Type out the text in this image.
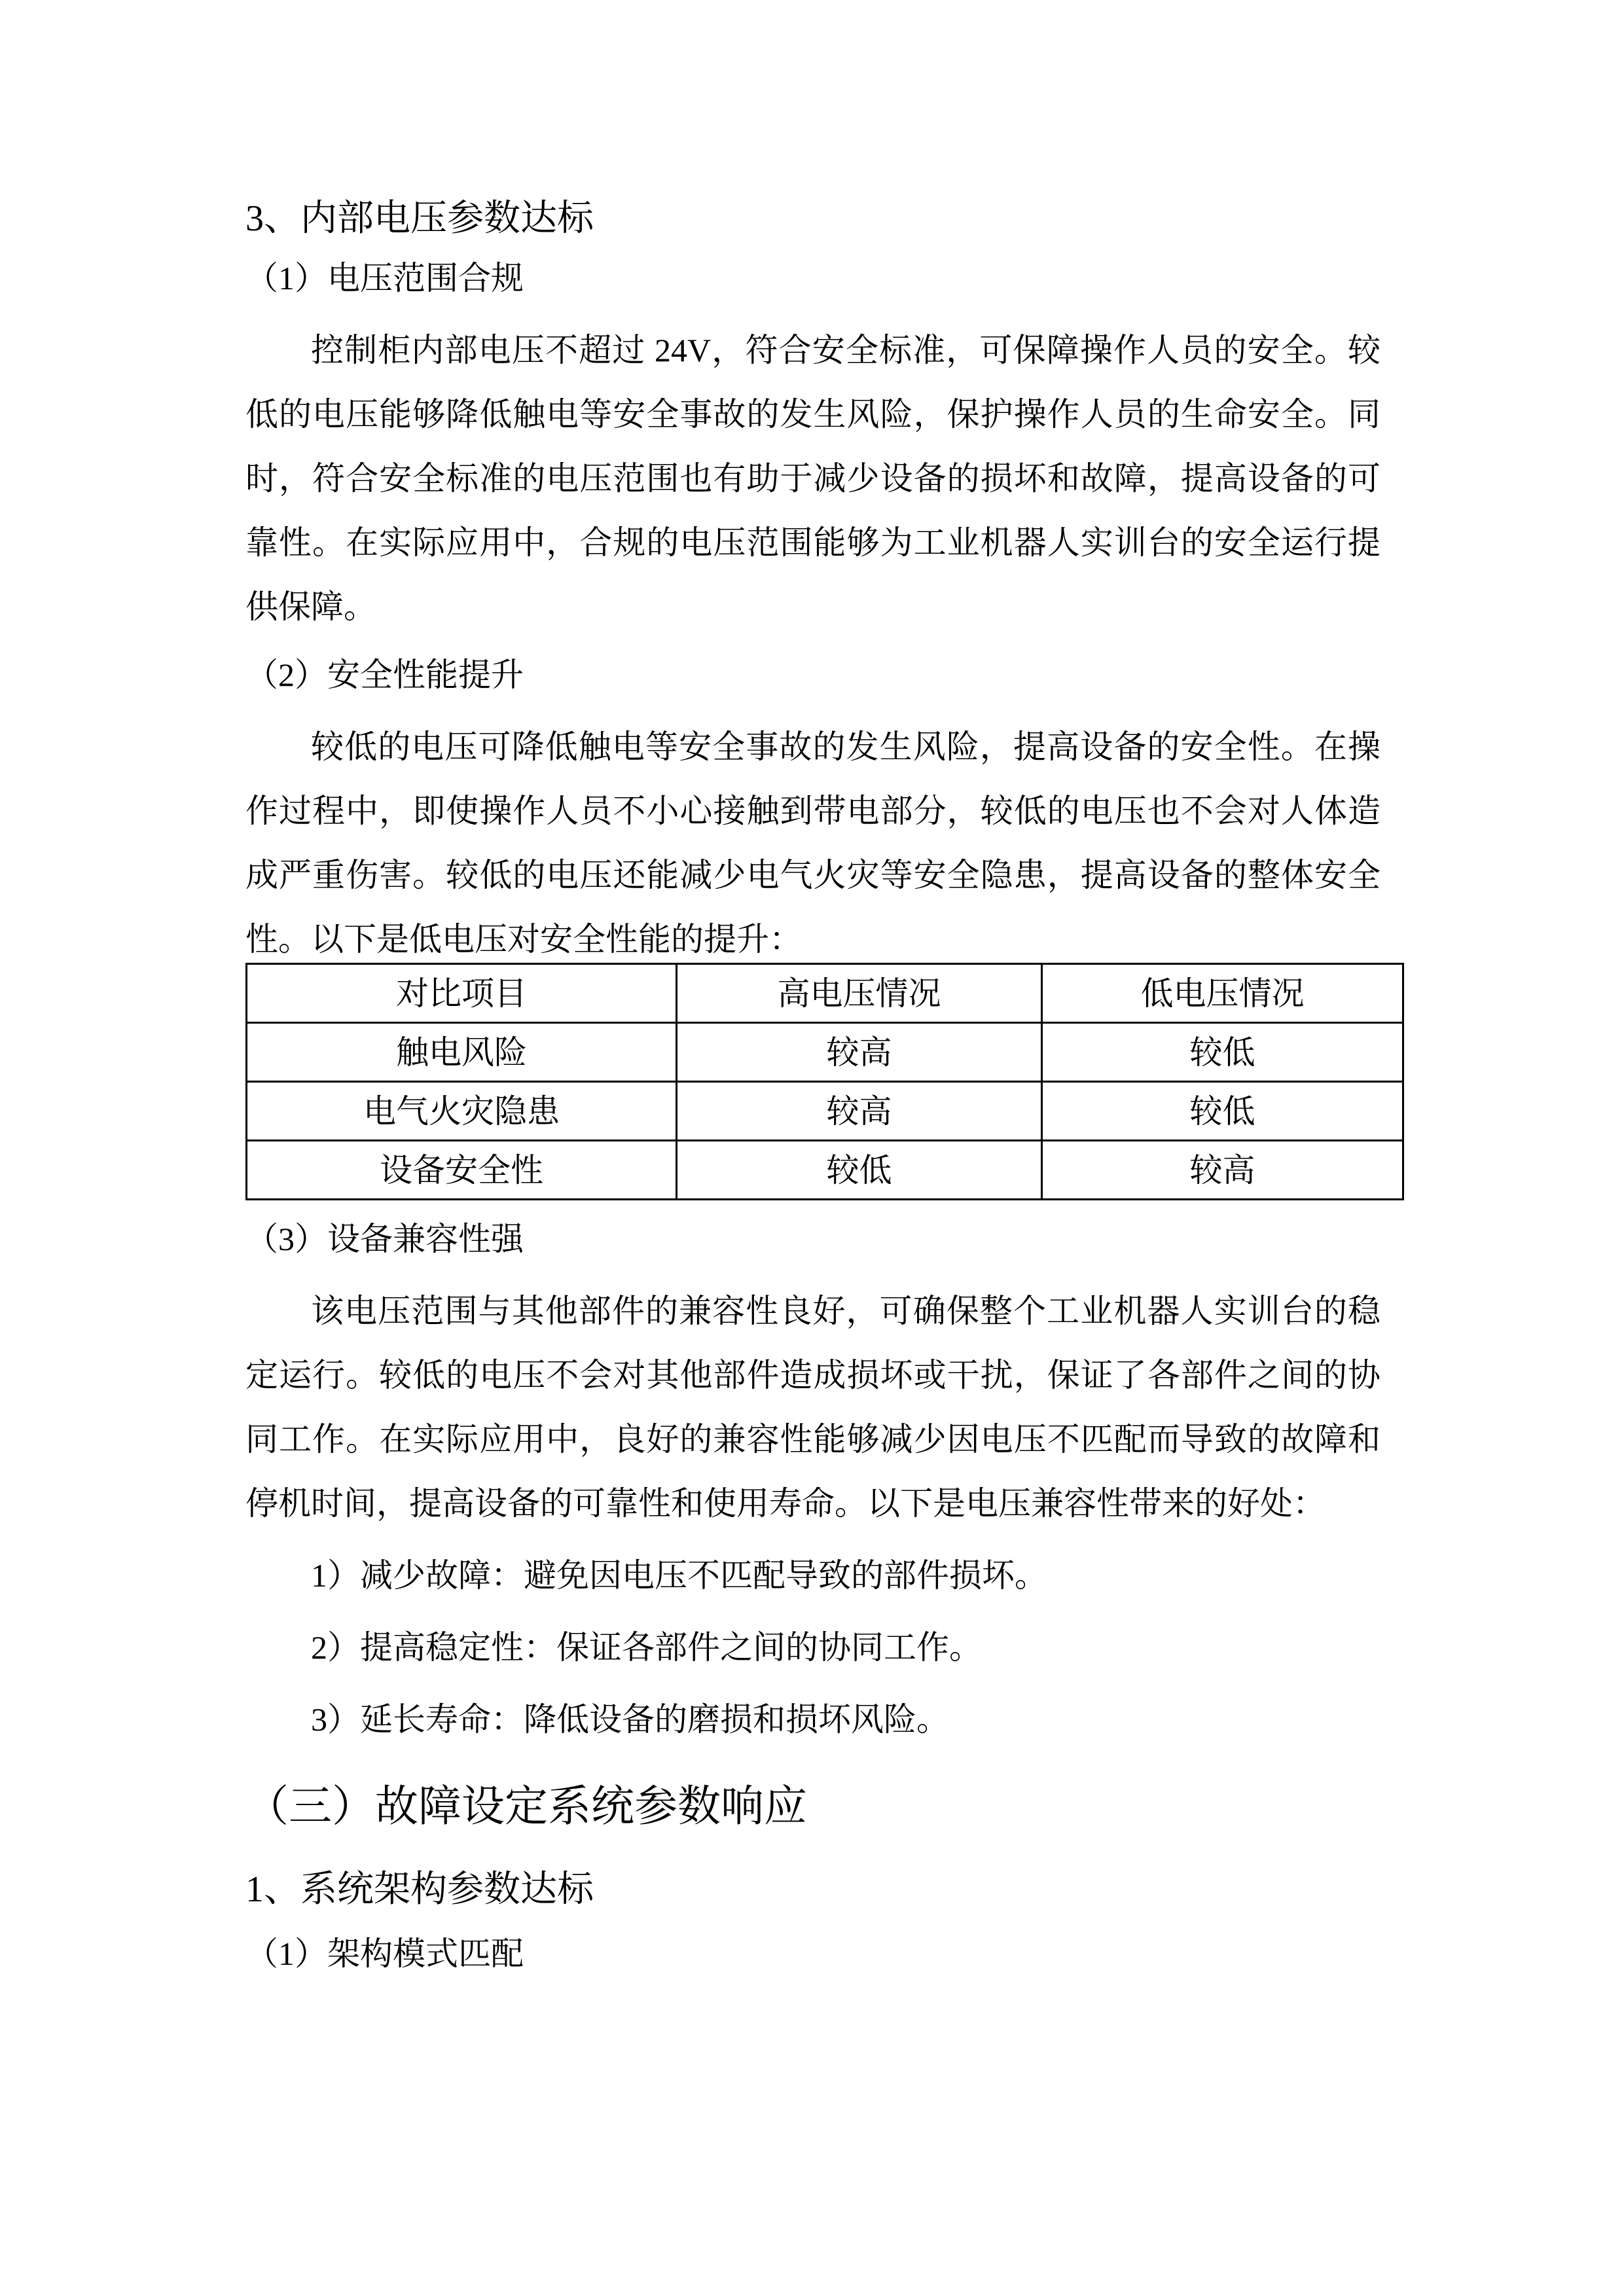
3、内部电压参数达标
（1）电压范围合规
控制柜内部电压不超过 24V，符合安全标准，可保障操作人员的安全。较低的电压能够降低触电等安全事故的发生风险，保护操作人员的生命安全。同时，符合安全标准的电压范围也有助于减少设备的损坏和故障，提高设备的可靠性。在实际应用中，合规的电压范围能够为工业机器人实训台的安全运行提供保障。
（2）安全性能提升
较低的电压可降低触电等安全事故的发生风险，提高设备的安全性。在操作过程中，即使操作人员不小心接触到带电部分，较低的电压也不会对人体造成严重伤害。较低的电压还能减少电气火灾等安全隐患，提高设备的整体安全性。以下是低电压对安全性能的提升：
对比项目	高电压情况	低电压情况
触电风险	较高	较低
电气火灾隐患	较高	较低
设备安全性	较低	较高
（3）设备兼容性强
该电压范围与其他部件的兼容性良好，可确保整个工业机器人实训台的稳定运行。较低的电压不会对其他部件造成损坏或干扰，保证了各部件之间的协同工作。在实际应用中，良好的兼容性能够减少因电压不匹配而导致的故障和停机时间，提高设备的可靠性和使用寿命。以下是电压兼容性带来的好处：
1）减少故障：避免因电压不匹配导致的部件损坏。
2）提高稳定性：保证各部件之间的协同工作。
3）延长寿命：降低设备的磨损和损坏风险。
（三）故障设定系统参数响应
1、系统架构参数达标
（1）架构模式匹配
